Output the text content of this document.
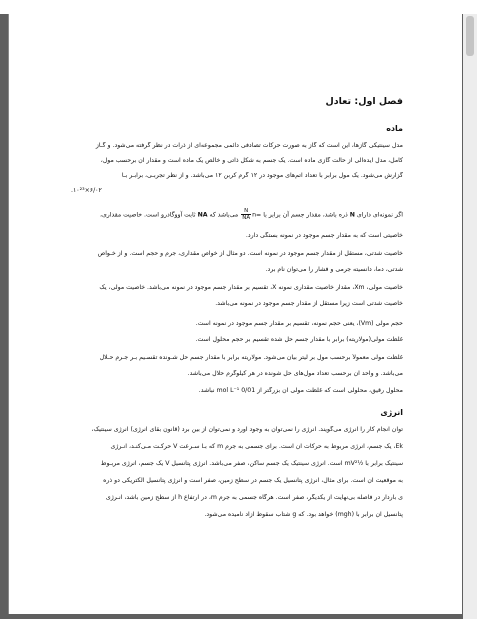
فصل اول: تعادل
ماده
مدل سینتیکی گازها، این است که گاز به صورت حرکات تصادفی دائمی مجموعه‌ای از ذرات در نظر گرفته می‌شود. و گـاز
کامل، مدل ایده‌آلی از حالت گازی ماده است. یک جسم به شکل ذاتی و خالص یک ماده است و مقدار آن برحسب مول،
گزارش می‌شود. یک مول برابر با تعداد اتم‌های موجود در ۱۲ گرم کربن ۱۲ می‌باشد. و از نظر تجربـی، برابـر بـا
۶/۰۲×۱۰²³.
اگر نمونه‌ای دارای N ذره باشد، مقدار جسم آن برابر با =n
$\frac{N}{NA}$
می‌باشد که NA ثابت آووگادرو است. خاصیت مقداری،
خاصیتی است که به مقدار جسم موجود در نمونه بستگی دارد.
خاصیت شدتی، مستقل از مقدار جسم موجود در نمونه است. دو مثال از خواص مقداری، جرم و حجم است. و از خـواص
شدتی، دما، دانسیته جرمی و فشار را می‌توان نام برد.
خاصیت مولی، Xm، مقدار خاصیت مقداری نمونه X، تقسیم بر مقدار جسم موجود در نمونه می‌باشد. خاصیت مولی، یک
خاصیت شدتی است زیرا مستقل از مقدار جسم موجود در نمونه می‌باشد.
حجم مولی (Vm)، یعنی حجم نمونه، تقسیم بر مقدار جسم موجود در نمونه است.
غلظت مولی(مولاریته) برابر با مقدار جسم حل شده تقسیم بر حجم محلول است.
غلظت مولی معمولاً برحسب مول بر لیتر بیان می‌شود. مولاریته برابر با مقدار جسم حل شـونده تقسـیم بـر جـرم حـلال
می‌باشد. و واحد آن برحسب تعداد مول‌های حل شونده در هر کیلوگرم حلال می‌باشد.
محلول رقیق، محلولی است که غلظت مولی آن بزرگتر از 0/01 mol L⁻¹ نباشد.
انرژی
توان انجام کار را انرژی می‌گویند. انرژی را نمی‌توان به وجود آورد و نمی‌توان از بین برد (قانون بقای انرژی) انرژی سینتیک،
Ek، یک جسم، انرژی مربوط به حرکات آن است. برای جسمی به جرم m که بـا سـرعت V حرکـت مـی‌کنـد، انـرژی
سینتیک برابر با ½mV² است. انرژی سینتیک یک جسم ساکن، صفر می‌باشد. انرژی پتانسیل V یک جسم، انرژی مربـوط
به موقعیت آن است. برای مثال، انرژی پتانسیل یک جسم در سطح زمین، صفر است و انرژی پتانسیل الکتریکی دو ذره
ی باردار در فاصله بی‌نهایت از یکدیگر، صفر است. هرگاه جسمی به جرم m، در ارتفاع h از سطح زمین باشد، انـرژی
پتانسیل آن برابر با (mgh) خواهد بود. که g شتاب سقوط آزاد نامیده می‌شود.
